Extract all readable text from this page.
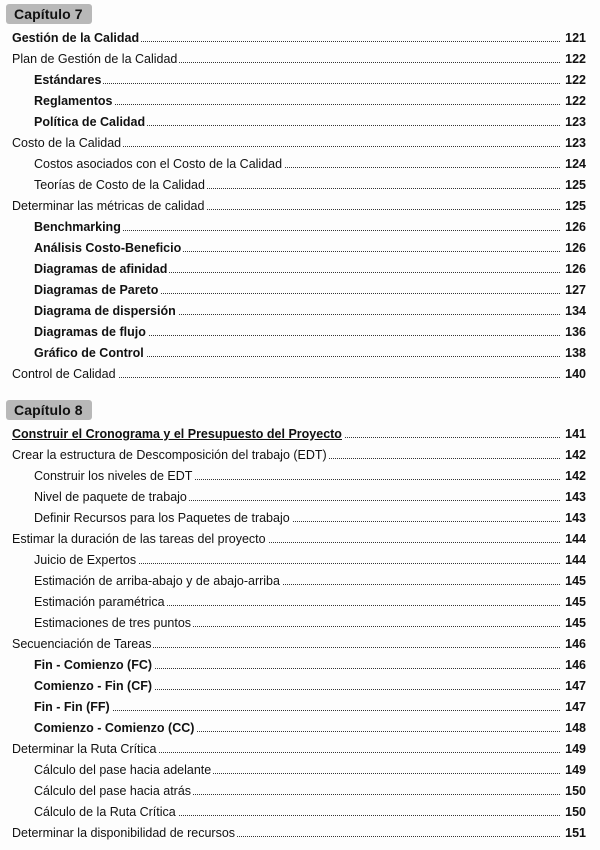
Capítulo 7
Gestión de la Calidad	121
Plan de Gestión de la Calidad	122
Estándares	122
Reglamentos	122
Política de Calidad	123
Costo de la Calidad	123
Costos asociados con el Costo de la Calidad	124
Teorías de Costo de la Calidad	125
Determinar las métricas de calidad	125
Benchmarking	126
Análisis Costo-Beneficio	126
Diagramas de afinidad	126
Diagramas de Pareto	127
Diagrama de dispersión	134
Diagramas de flujo	136
Gráfico de Control	138
Control de Calidad	140
Capítulo 8
Construir el Cronograma y el Presupuesto del Proyecto	141
Crear la estructura de Descomposición del trabajo (EDT)	142
Construir los niveles de EDT	142
Nivel de paquete de trabajo	143
Definir Recursos para los Paquetes de trabajo	143
Estimar la duración de las tareas del proyecto	144
Juicio de Expertos	144
Estimación de arriba-abajo y de abajo-arriba	145
Estimación paramétrica	145
Estimaciones de tres puntos	145
Secuenciación de Tareas	146
Fin - Comienzo (FC)	146
Comienzo - Fin (CF)	147
Fin - Fin (FF)	147
Comienzo - Comienzo (CC)	148
Determinar la Ruta Crítica	149
Cálculo del pase hacia adelante	149
Cálculo del pase hacia atrás	150
Cálculo de la Ruta Crítica	150
Determinar la disponibilidad de recursos	151
